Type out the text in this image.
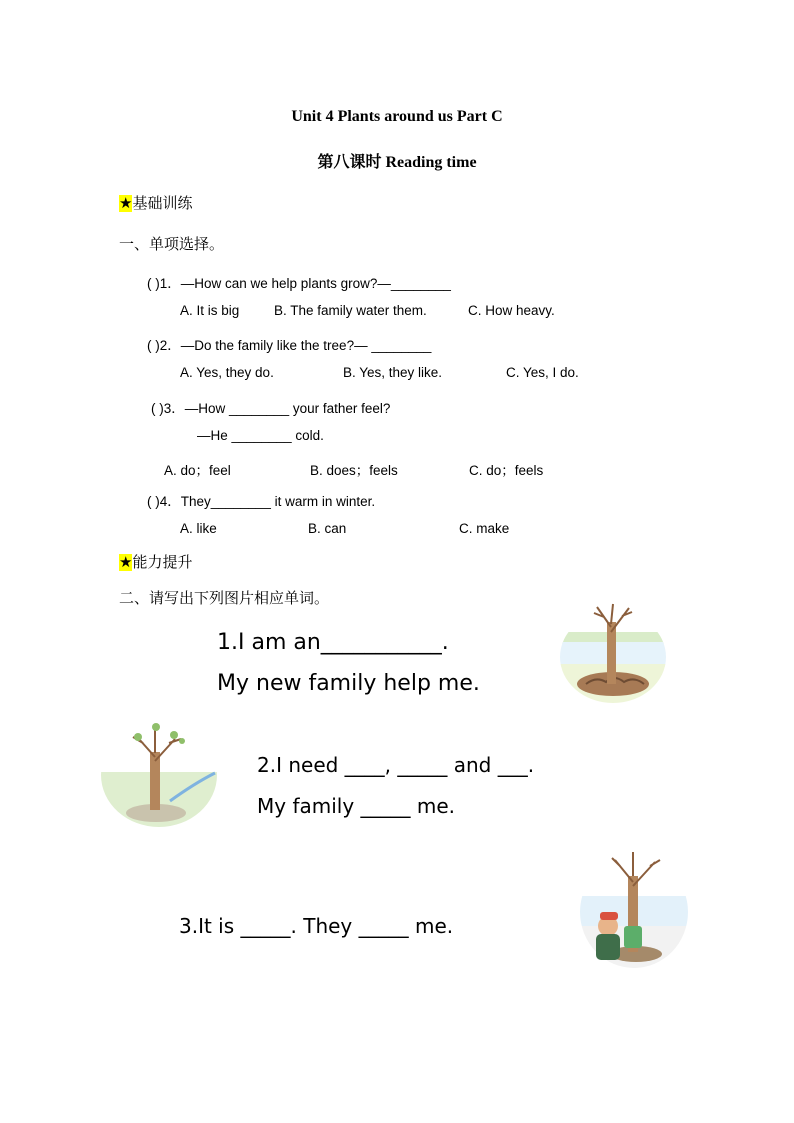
Unit 4 Plants around us Part C
第八课时 Reading time
★基础训练
一、单项选择。
( )1．—How can we help plants grow?—________
A. It is big	B. The family water them.	C. How heavy.
( )2．—Do the family like the tree?— ________
A. Yes, they do.	B. Yes, they like.	C. Yes, I do.
( )3．—How ________ your father feel?
—He ________ cold.
A. do；feel	B. does；feels	C. do；feels
( )4．They________ it warm in winter.
A. like	B. can	C. make
★能力提升
二、请写出下列图片相应单词。
1.I am an___________.
My new family help me.
2.I need ____, _____ and ___.
My family _____ me.
3.It is _____. They _____ me.
